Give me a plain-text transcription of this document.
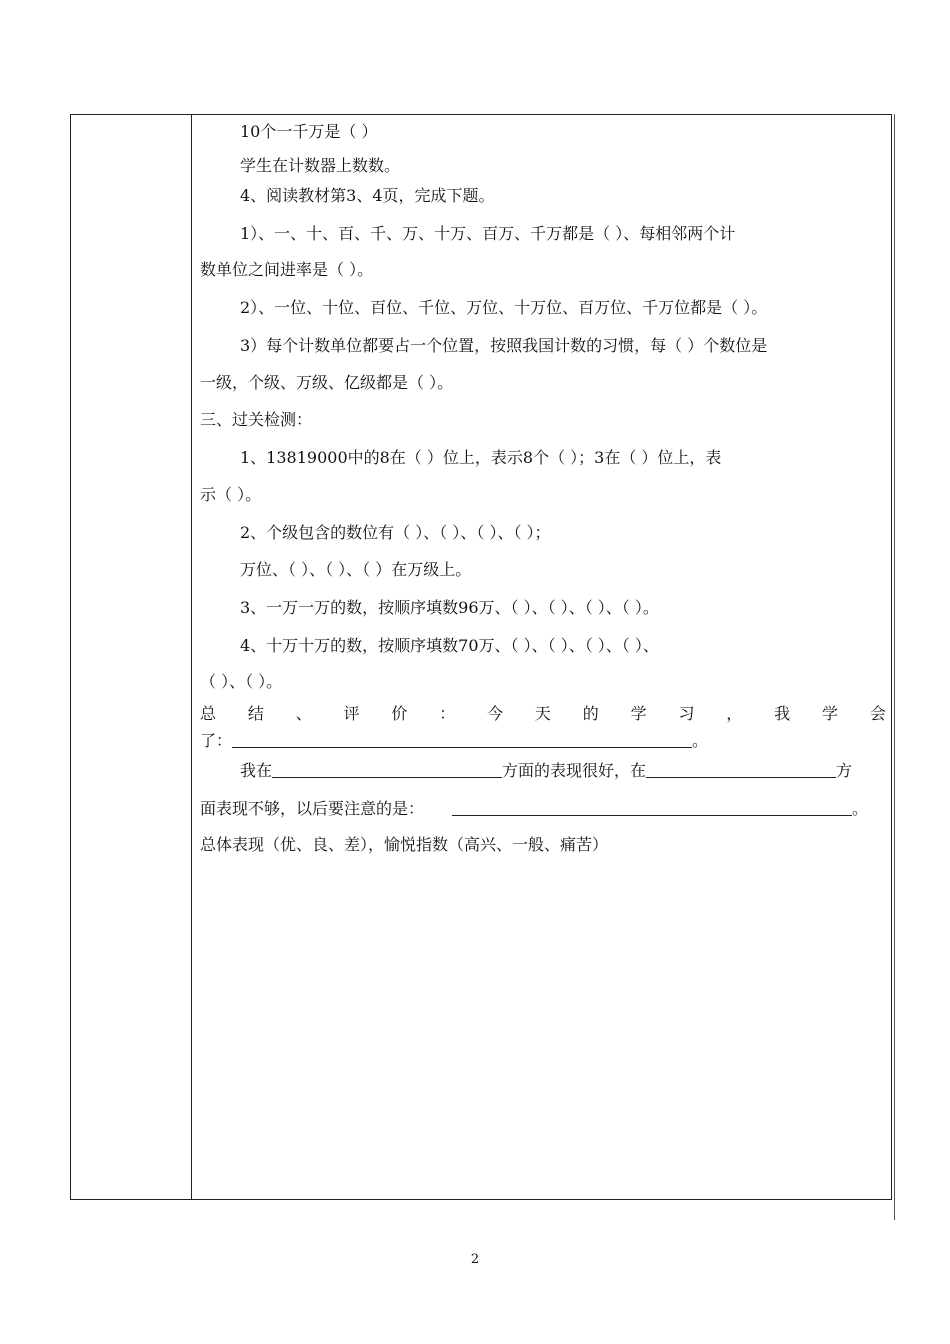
10个一千万是（ ）
学生在计数器上数数。
4、阅读教材第3、4页，完成下题。
1）、一、十、百、千、万、十万、百万、千万都是（ ）、每相邻两个计
数单位之间进率是（ ）。
2）、一位、十位、百位、千位、万位、十万位、百万位、千万位都是（ ）。
3）每个计数单位都要占一个位置，按照我国计数的习惯，每（ ）个数位是
一级，个级、万级、亿级都是（ ）。
三、过关检测：
1、13819000中的8在（ ）位上，表示8个（ ）；3在（ ）位上，表
示（ ）。
2、个级包含的数位有（ ）、（ ）、（ ）、（ ）；
万位、（ ）、（ ）、（ ）在万级上。
3、一万一万的数，按顺序填数96万、（ ）、（ ）、（ ）、（ ）。
4、十万十万的数，按顺序填数70万、（ ）、（ ）、（ ）、（ ）、
（ ）、（ ）。
总 结 、 评 价 ： 今 天 的 学 习 ， 我 学 会
了：	。
我在	方面的表现很好，在	方
面表现不够，以后要注意的是：	。
总体表现（优、良、差），愉悦指数（高兴、一般、痛苦）
2
